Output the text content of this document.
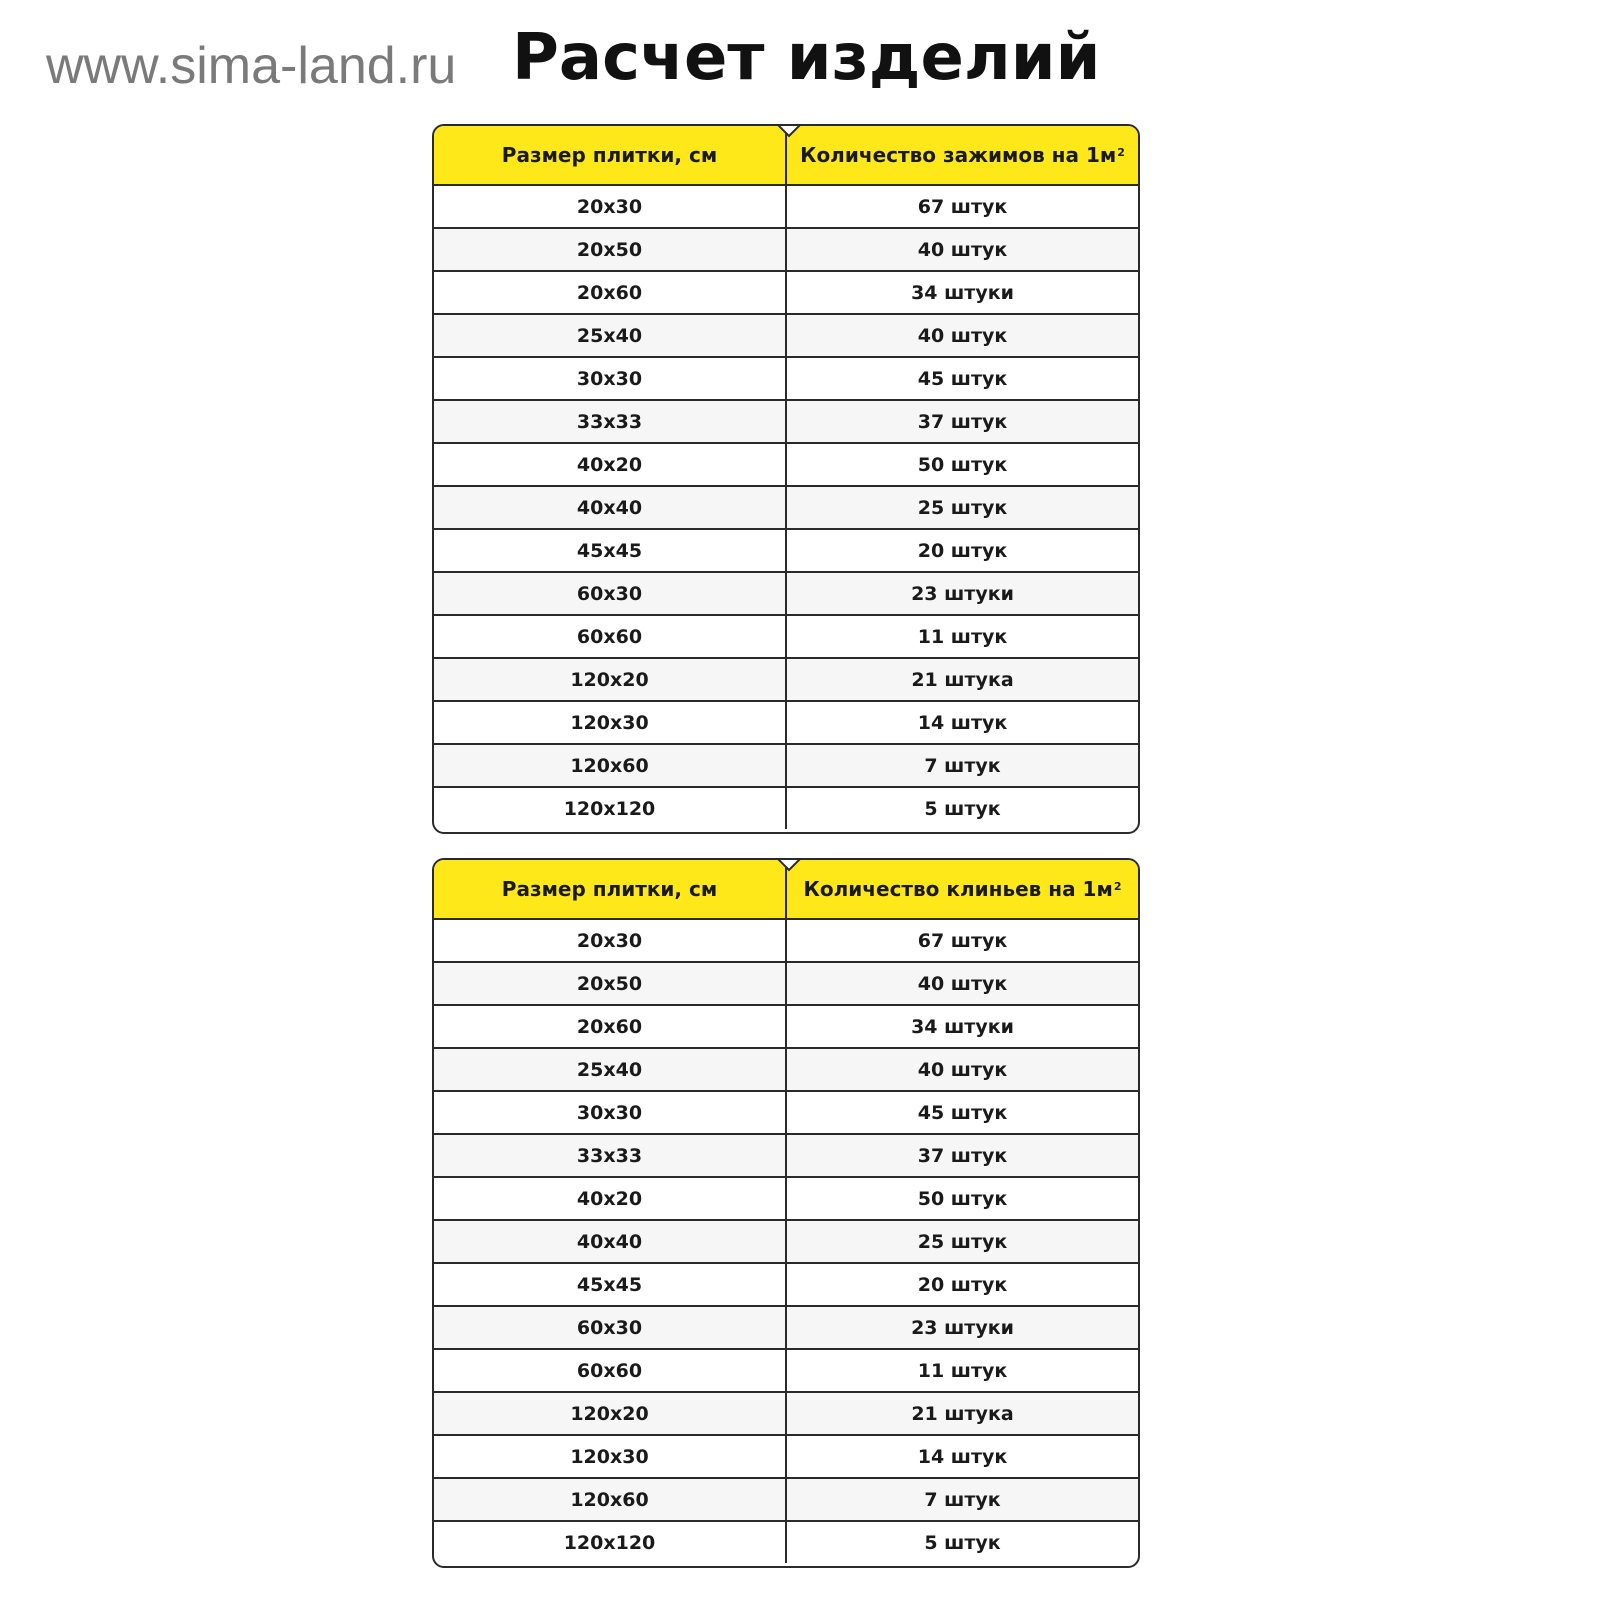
www.sima-land.ru Расчет изделий
Размер плитки, см	Количество зажимов на $1м^2$
20x30	67 штук
20x50	40 штук
20x60	34 штуки
25x40	40 штук
30x30	45 штук
33x33	37 штук
40x20	50 штук
40x40	25 штук
45x45	20 штук
60x30	23 штуки
60x60	11 штук
120x20	21 штука
120x30	14 штук
120x60	7 штук
120x120	5 штук
Размер плитки, см	Количество клиньев на $1м^2$
20x30	67 штук
20x50	40 штук
20x60	34 штуки
25x40	40 штук
30x30	45 штук
33x33	37 штук
40x20	50 штук
40x40	25 штук
45x45	20 штук
60x30	23 штуки
60x60	11 штук
120x20	21 штука
120x30	14 штук
120x60	7 штук
120x120	5 штук
